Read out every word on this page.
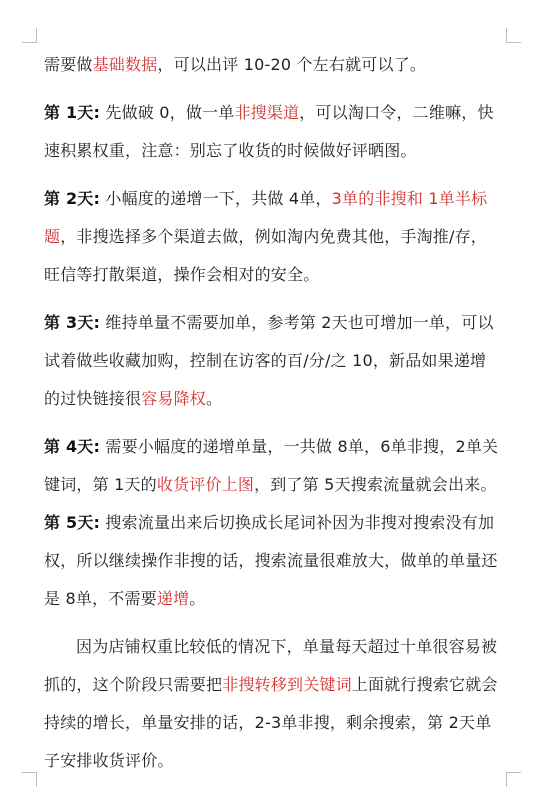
需要做基础数据，可以出评 10-20 个左右就可以了。

第 1天: 先做破 0，做一单非搜渠道，可以淘口令，二维嘛，快速积累权重，注意：别忘了收货的时候做好评晒图。

第 2天: 小幅度的递增一下，共做 4单，3单的非搜和 1单半标题，非搜选择多个渠道去做，例如淘内免费其他，手淘推/存，旺信等打散渠道，操作会相对的安全。

第 3天: 维持单量不需要加单，参考第 2天也可增加一单，可以试着做些收藏加购，控制在访客的百/分/之 10，新品如果递增的过快链接很容易降权。

第 4天: 需要小幅度的递增单量，一共做 8单，6单非搜，2单关键词，第 1天的收货评价上图，到了第 5天搜索流量就会出来。第 5天: 搜索流量出来后切换成长尾词补因为非搜对搜索没有加权，所以继续操作非搜的话，搜索流量很难放大，做单的单量还是 8单，不需要递增。

因为店铺权重比较低的情况下，单量每天超过十单很容易被抓的，这个阶段只需要把非搜转移到关键词上面就行搜索它就会持续的增长，单量安排的话，2-3单非搜，剩余搜索，第 2天单子安排收货评价。
